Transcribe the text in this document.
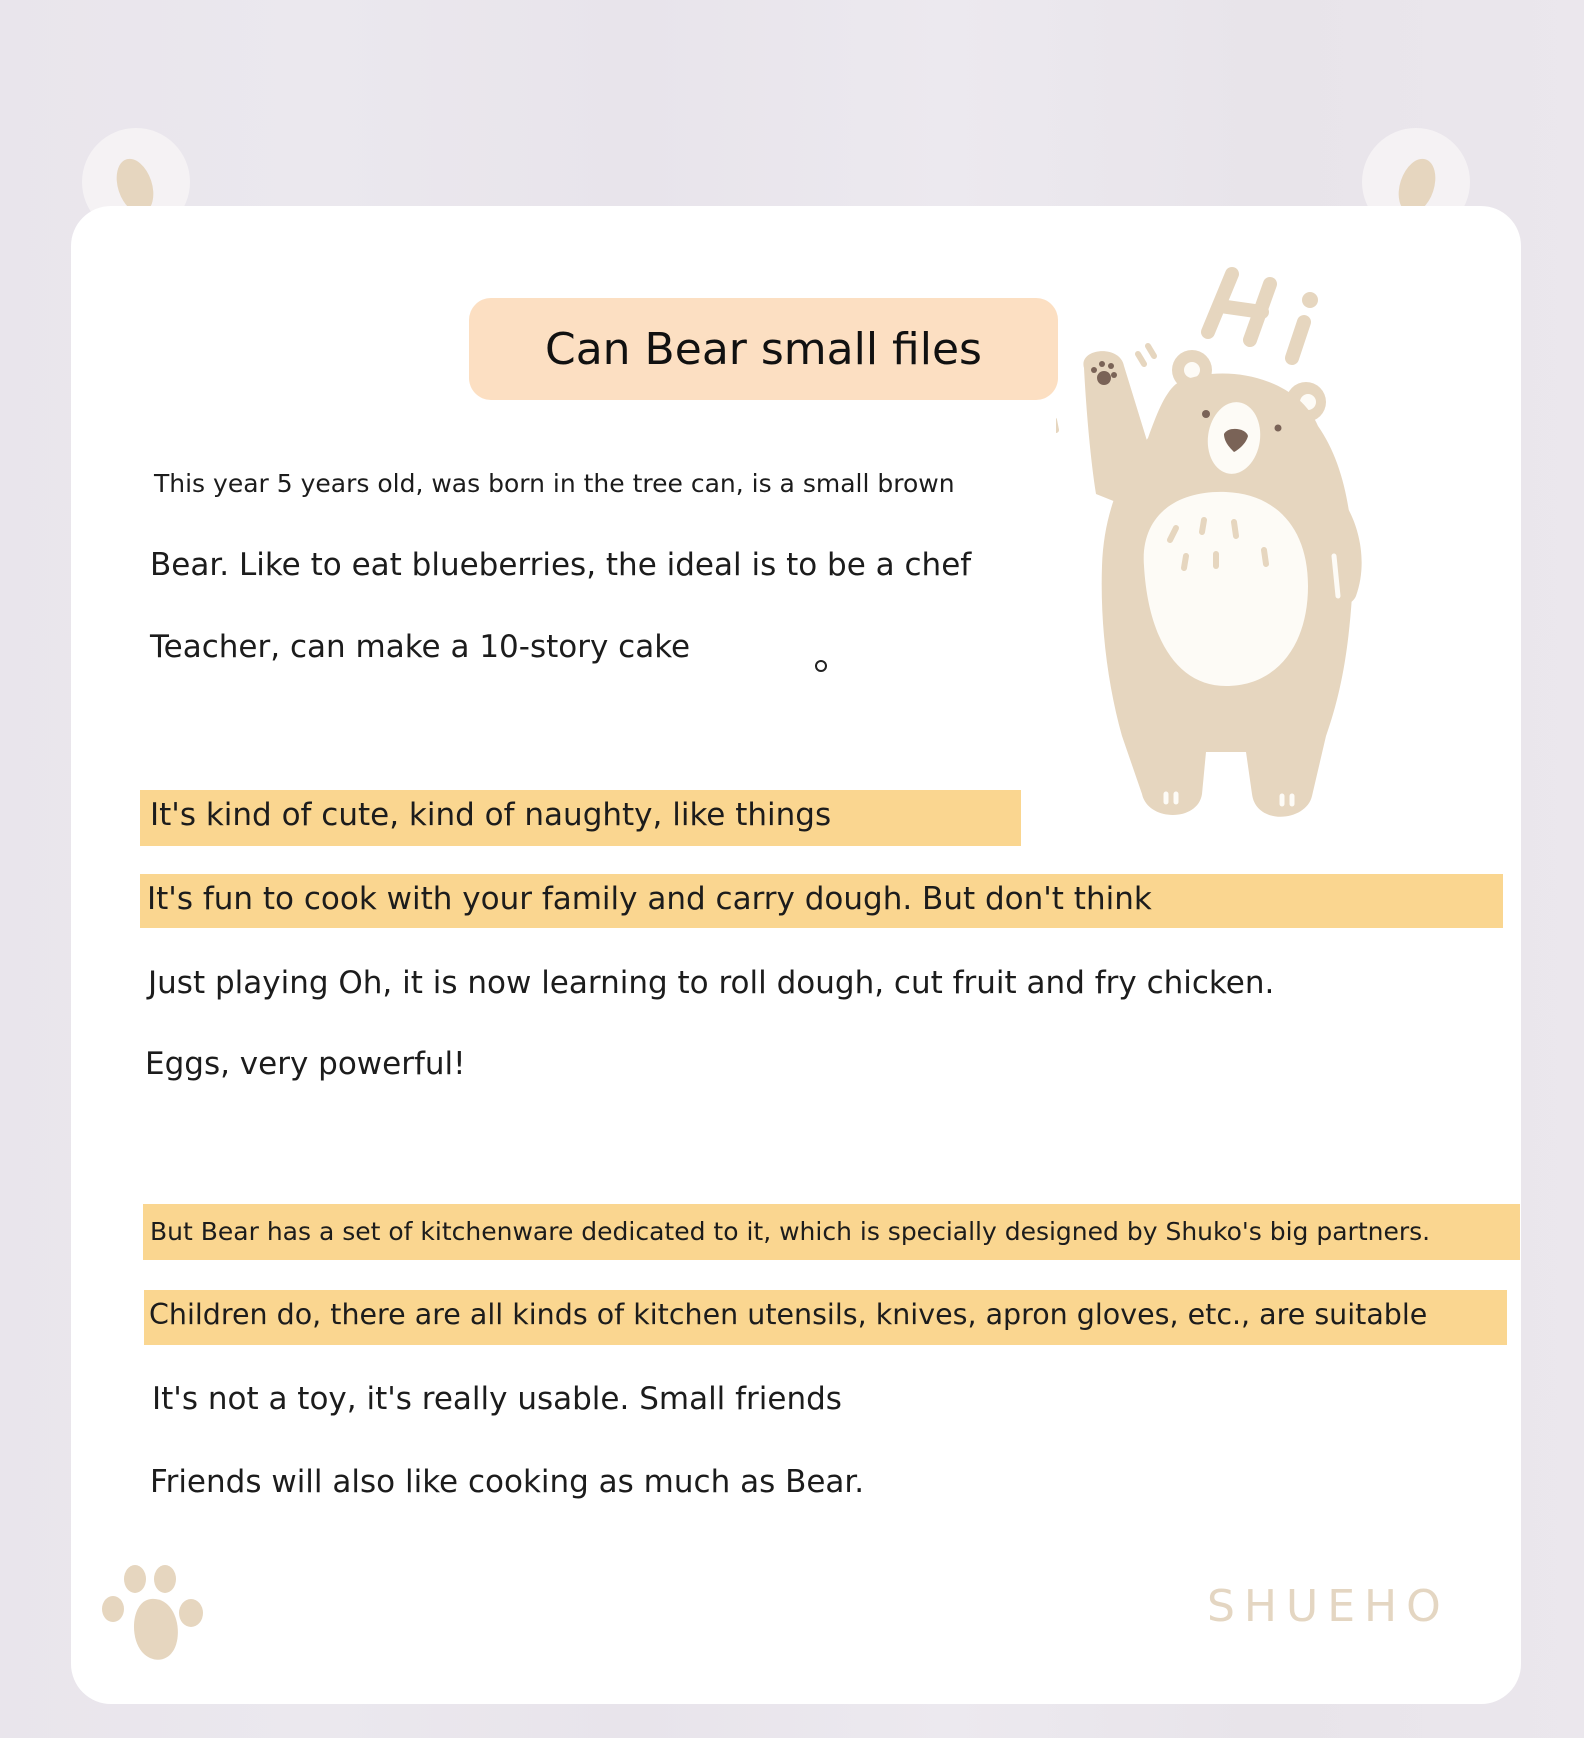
Can Bear small files
This year 5 years old, was born in the tree can, is a small brown
Bear. Like to eat blueberries, the ideal is to be a chef
Teacher, can make a 10-story cake
It's kind of cute, kind of naughty, like things
It's fun to cook with your family and carry dough. But don't think
Just playing Oh, it is now learning to roll dough, cut fruit and fry chicken.
Eggs, very powerful!
But Bear has a set of kitchenware dedicated to it, which is specially designed by Shuko's big partners.
Children do, there are all kinds of kitchen utensils, knives, apron gloves, etc., are suitable
It's not a toy, it's really usable. Small friends
Friends will also like cooking as much as Bear.
SHUEHO
